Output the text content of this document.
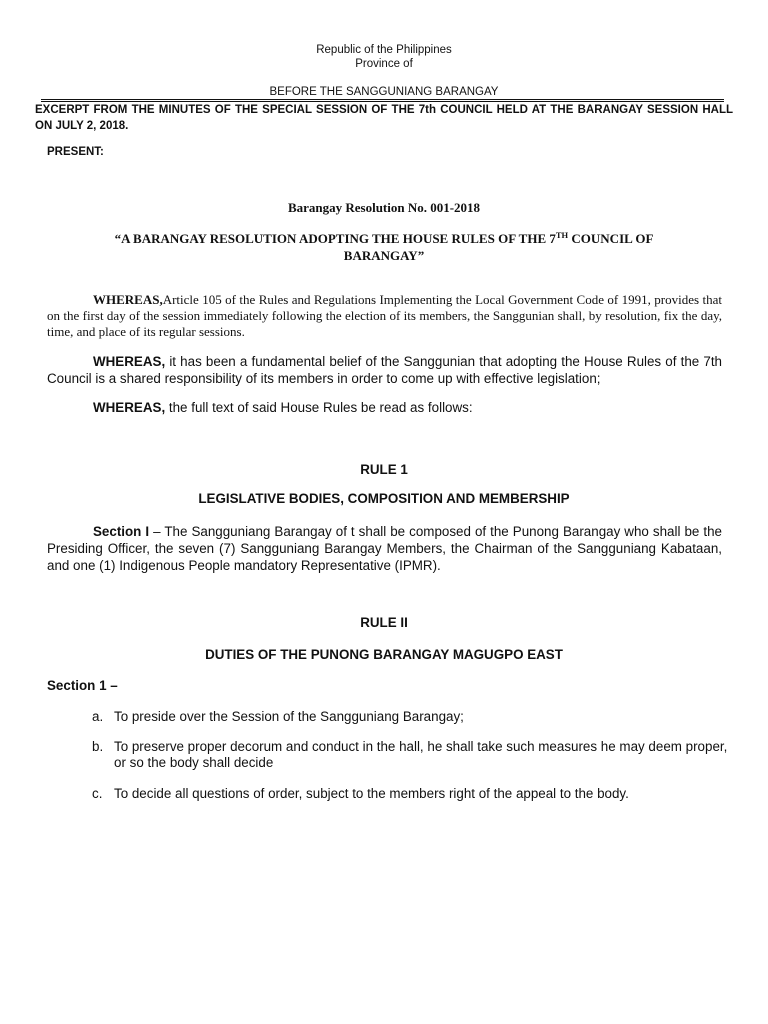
Republic of the Philippines
Province of
BEFORE THE SANGGUNIANG BARANGAY
EXCERPT FROM THE MINUTES OF THE SPECIAL SESSION OF THE 7th COUNCIL HELD AT THE BARANGAY SESSION HALL ON JULY 2, 2018.
PRESENT:
Barangay Resolution No. 001-2018
“A BARANGAY RESOLUTION ADOPTING THE HOUSE RULES OF THE 7TH COUNCIL OF BARANGAY”
WHEREAS,Article 105 of the Rules and Regulations Implementing the Local Government Code of 1991, provides that on the first day of the session immediately following the election of its members, the Sanggunian shall, by resolution, fix the day, time, and place of its regular sessions.
WHEREAS, it has been a fundamental belief of the Sanggunian that adopting the House Rules of the 7th Council is a shared responsibility of its members in order to come up with effective legislation;
WHEREAS, the full text of said House Rules be read as follows:
RULE 1
LEGISLATIVE BODIES, COMPOSITION AND MEMBERSHIP
Section I – The Sangguniang Barangay of t shall be composed of the Punong Barangay who shall be the Presiding Officer, the seven (7) Sangguniang Barangay Members, the Chairman of the Sangguniang Kabataan, and one (1) Indigenous People mandatory Representative (IPMR).
RULE II
DUTIES OF THE PUNONG BARANGAY MAGUGPO EAST
Section 1 –
a. To preside over the Session of the Sangguniang Barangay;
b. To preserve proper decorum and conduct in the hall, he shall take such measures he may deem proper, or so the body shall decide
c. To decide all questions of order, subject to the members right of the appeal to the body.
